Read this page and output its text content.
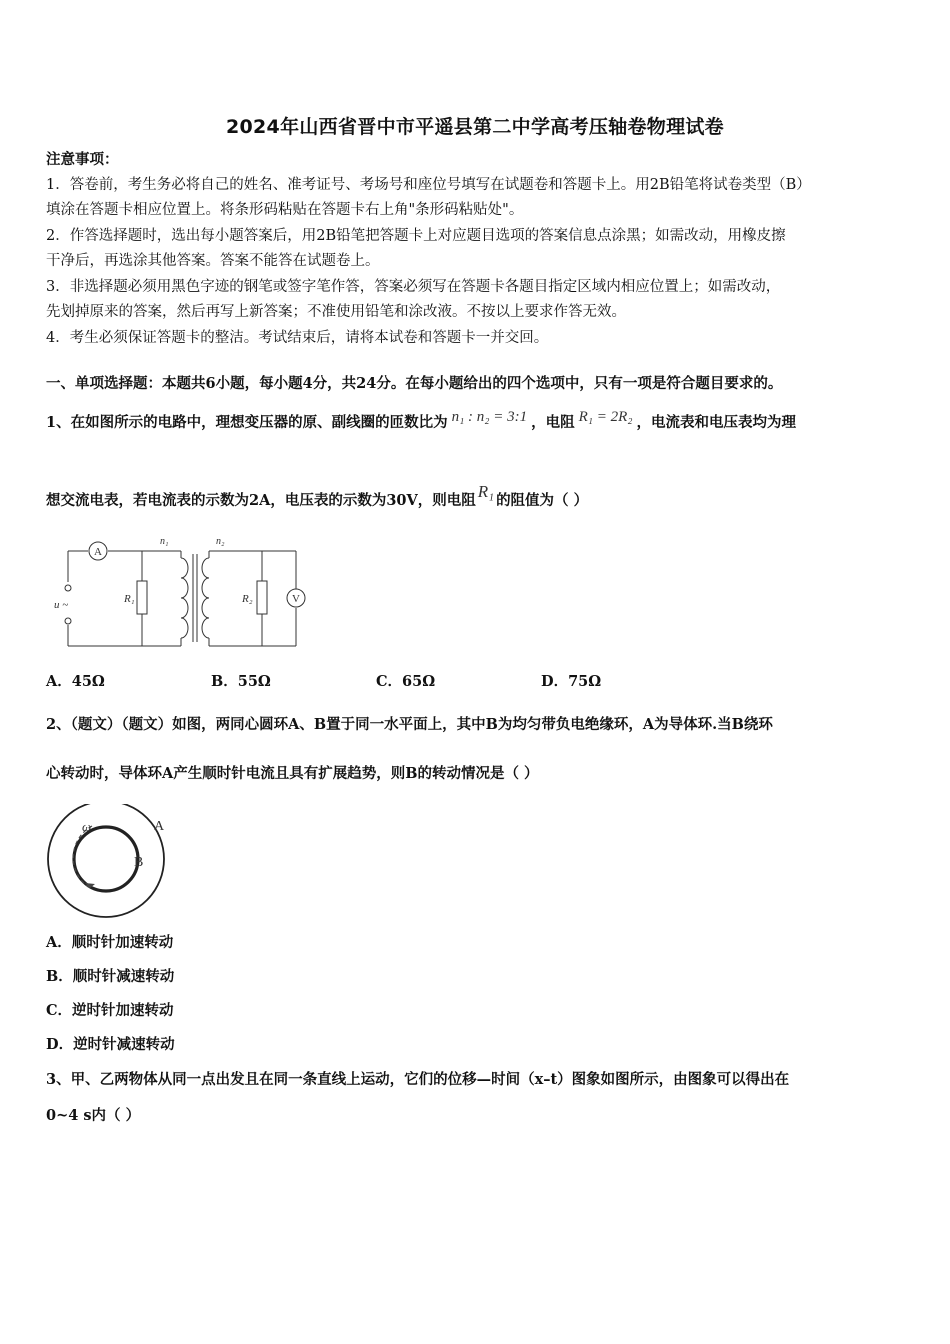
2024年山西省晋中市平遥县第二中学高考压轴卷物理试卷
注意事项：
1．答卷前，考生务必将自己的姓名、准考证号、考场号和座位号填写在试题卷和答题卡上。用2B铅笔将试卷类型（B）
填涂在答题卡相应位置上。将条形码粘贴在答题卡右上角"条形码粘贴处"。
2．作答选择题时，选出每小题答案后，用2B铅笔把答题卡上对应题目选项的答案信息点涂黑；如需改动，用橡皮擦
干净后，再选涂其他答案。答案不能答在试题卷上。
3．非选择题必须用黑色字迹的钢笔或签字笔作答，答案必须写在答题卡各题目指定区域内相应位置上；如需改动，
先划掉原来的答案，然后再写上新答案；不准使用铅笔和涂改液。不按以上要求作答无效。
4．考生必须保证答题卡的整洁。考试结束后，请将本试卷和答题卡一并交回。
一、单项选择题：本题共6小题，每小题4分，共24分。在每小题给出的四个选项中，只有一项是符合题目要求的。
1、在如图所示的电路中，理想变压器的原、副线圈的匝数比为 n₁ : n₂ = 3:1 ，电阻 R₁ = 2R₂ ，电流表和电压表均为理
想交流电表，若电流表的示数为2A，电压表的示数为30V，则电阻 R₁ 的阻值为（ ）
A
V
R₁	R₂
n₁	n₂
u ~
A．45Ω	B．55Ω	C．65Ω	D．75Ω
2、（题文）（题文）如图，两同心圆环A、B置于同一水平面上，其中B为均匀带负电绝缘环，A为导体环.当B绕环
心转动时，导体环A产生顺时针电流且具有扩展趋势，则B的转动情况是（ ）
ω	A
B
A．顺时针加速转动
B．顺时针减速转动
C．逆时针加速转动
D．逆时针减速转动
3、甲、乙两物体从同一点出发且在同一条直线上运动，它们的位移—时间（x–t）图象如图所示，由图象可以得出在
0~4 s内（ ）
